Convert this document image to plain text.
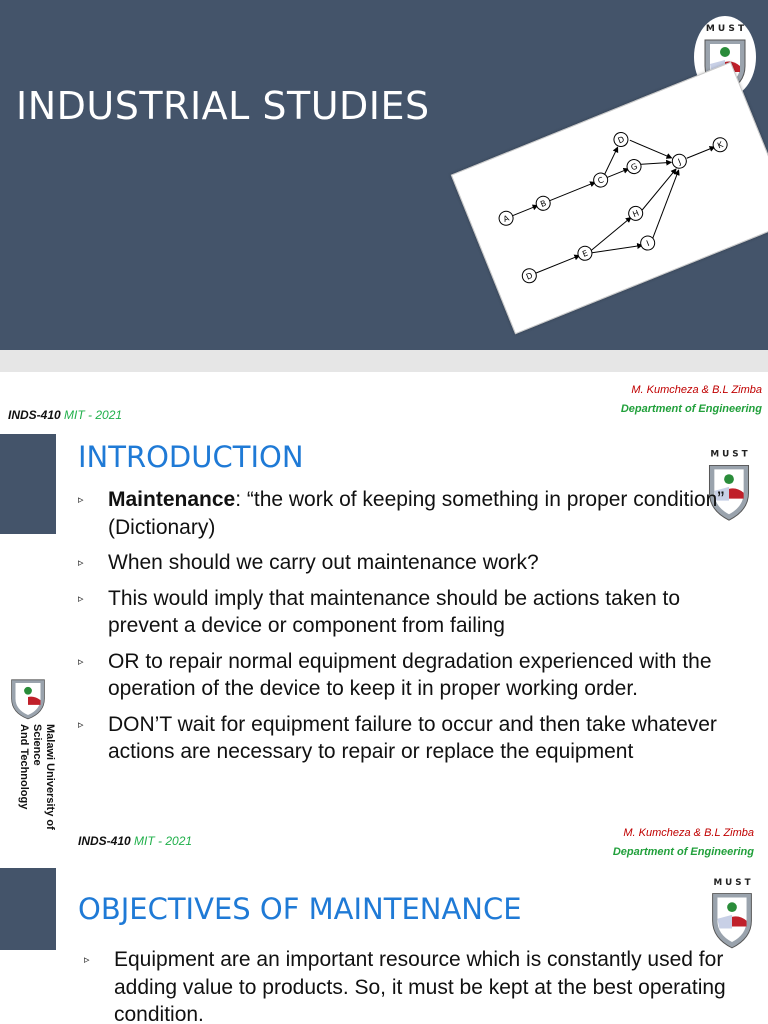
INDUSTRIAL STUDIES
M U S T
A
B
C
D
G
J
K
D
E
H
I
INDS-410 MIT - 2021
M. Kumcheza & B.L Zimba
Department of Engineering
INTRODUCTION	M U S T
▹ Maintenance: “the work of keeping something in proper condition” (Dictionary)
▹ When should we carry out maintenance work?
▹ This would imply that maintenance should be actions taken to prevent a device or component from failing
▹ OR to repair normal equipment degradation experienced with the operation of the device to keep it in proper working order.
▹ DON’T wait for equipment failure to occur and then take whatever actions are necessary to repair or replace the equipment
Malawi University of Science
And Technology
INDS-410 MIT - 2021
M. Kumcheza & B.L Zimba
Department of Engineering
OBJECTIVES OF MAINTENANCE
M U S T
▹ Equipment are an important resource which is constantly used for adding value to products. So, it must be kept at the best operating condition.
